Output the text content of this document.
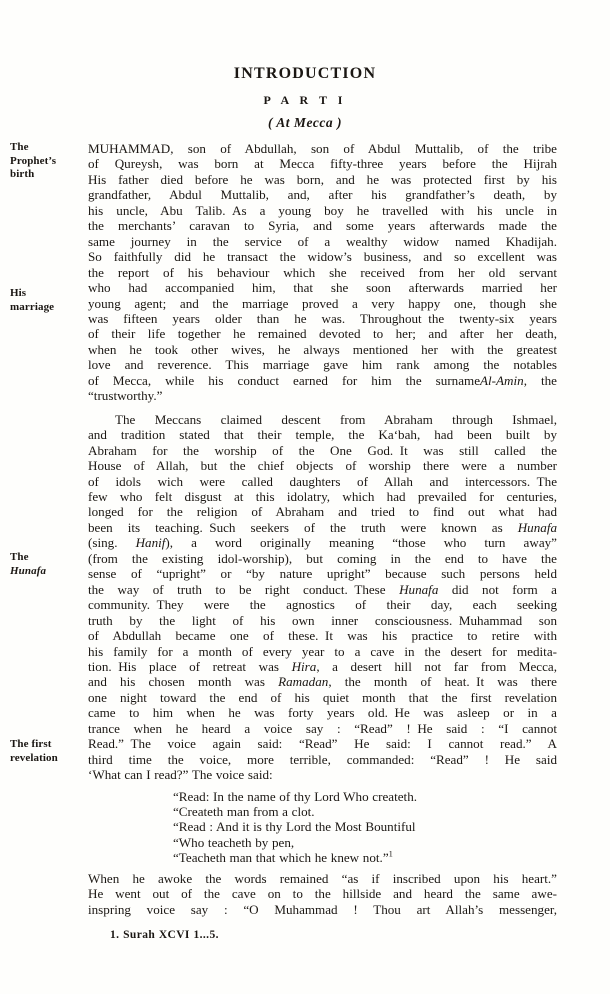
INTRODUCTION
P A R T I
( At Mecca )
The
Prophet’s
birth
His
marriage
The
Hunafa
The first
revelation
MUHAMMAD, son of Abdullah, son of Abdul Muttalib, of the tribe
of Qureysh, was born at Mecca fifty-three years before the Hijrah
His father died before he was born, and he was protected first by his
grandfather, Abdul Muttalib, and, after his grandfather’s death, by
his uncle, Abu Talib. As a young boy he travelled with his uncle in
the merchants’ caravan to Syria, and some years afterwards made the
same journey in the service of a wealthy widow named Khadijah.
So faithfully did he transact the widow’s business, and so excellent was
the report of his behaviour which she received from her old servant
who had accompanied him, that she soon afterwards married her
young agent; and the marriage proved a very happy one, though she
was fifteen years older than he was. Throughout the twenty-six years
of their life together he remained devoted to her; and after her death,
when he took other wives, he always mentioned her with the greatest
love and reverence. This marriage gave him rank among the notables
of Mecca, while his conduct earned for him the surnameAl-Amin, the
“trustworthy.”
The Meccans claimed descent from Abraham through Ishmael,
and tradition stated that their temple, the Ka‘bah, had been built by
Abraham for the worship of the One God. It was still called the
House of Allah, but the chief objects of worship there were a number
of idols wich were called daughters of Allah and intercessors. The
few who felt disgust at this idolatry, which had prevailed for centuries,
longed for the religion of Abraham and tried to find out what had
been its teaching. Such seekers of the truth were known as Hunafa
(sing. Hanif), a word originally meaning “those who turn away”
(from the existing idol-worship), but coming in the end to have the
sense of “upright” or “by nature upright” because such persons held
the way of truth to be right conduct. These Hunafa did not form a
community. They were the agnostics of their day, each seeking
truth by the light of his own inner consciousness. Muhammad son
of Abdullah became one of these. It was his practice to retire with
his family for a month of every year to a cave in the desert for medita-
tion. His place of retreat was Hira, a desert hill not far from Mecca,
and his chosen month was Ramadan, the month of heat. It was there
one night toward the end of his quiet month that the first revelation
came to him when he was forty years old. He was asleep or in a
trance when he heard a voice say : “Read” ! He said : “I cannot
Read.” The voice again said: “Read” He said: I cannot read.” A
third time the voice, more terrible, commanded: “Read” ! He said
‘What can I read?” The voice said:
“Read: In the name of thy Lord Who createth.
“Createth man from a clot.
“Read : And it is thy Lord the Most Bountiful
“Who teacheth by pen,
“Teacheth man that which he knew not.”$^1$
When he awoke the words remained “as if inscribed upon his heart.”
He went out of the cave on to the hillside and heard the same awe-
inspring voice say : “O Muhammad ! Thou art Allah’s messenger,
1. Surah XCVI 1...5.
